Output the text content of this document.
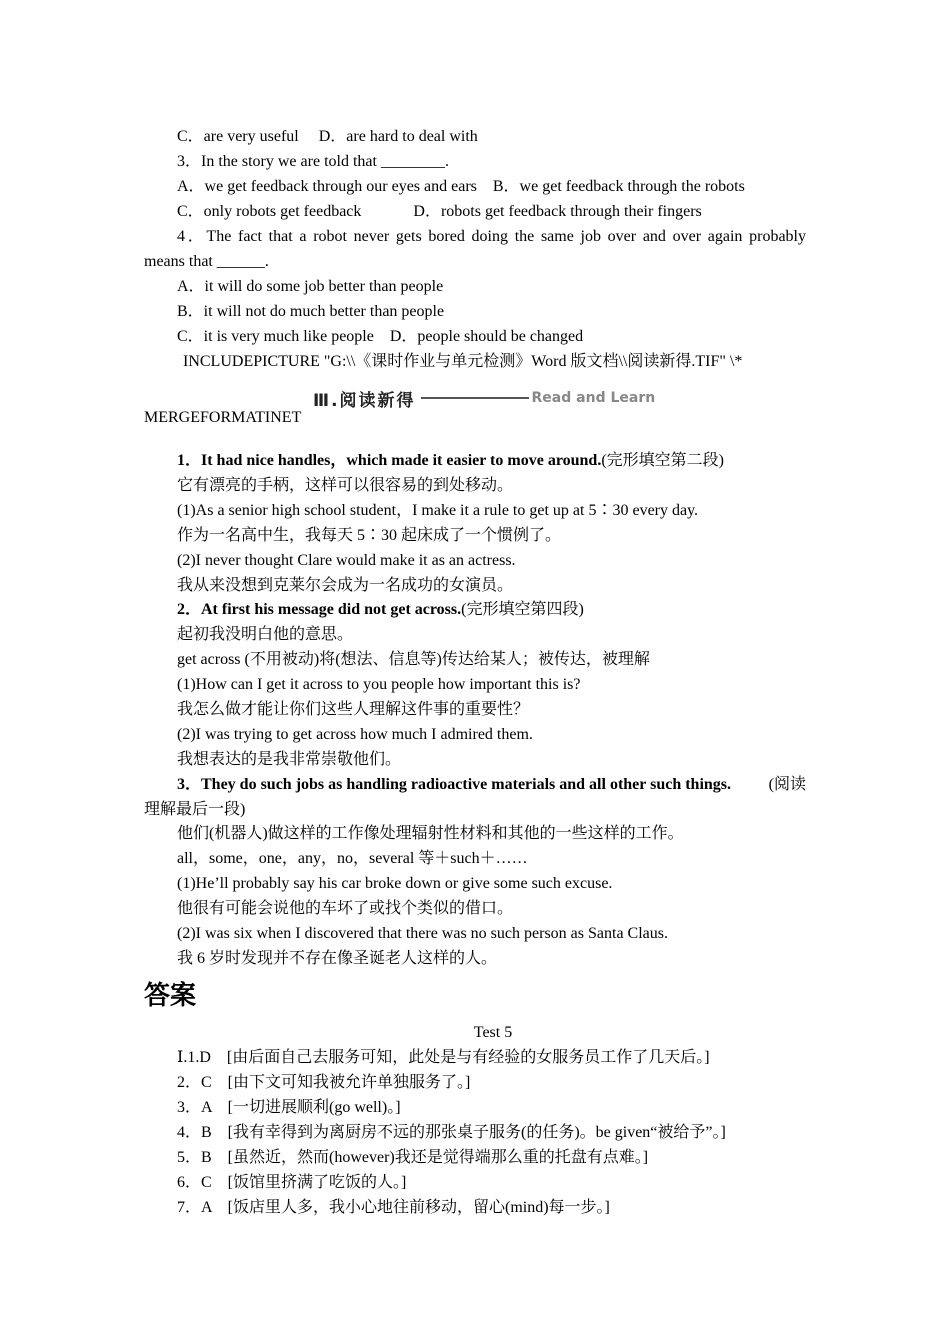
C．are very useful　 D．are hard to deal with
3．In the story we are told that ________.
A．we get feedback through our eyes and ears　B．we get feedback through the robots
C．only robots get feedback　　　 D．robots get feedback through their fingers
4．The fact that a robot never gets bored doing the same job over and over again probably
means that ______.
A．it will do some job better than people
B．it will not do much better than people
C．it is very much like people　D．people should be changed
INCLUDEPICTURE "G:\\《课时作业与单元检测》Word 版文档\\阅读新得.TIF" \*
Ⅲ.阅读新得	Read and Learn
MERGEFORMATINET
1．It had nice handles，which made it easier to move around.(完形填空第二段)
它有漂亮的手柄，这样可以很容易的到处移动。
(1)As a senior high school student，I make it a rule to get up at 5∶30 every day.
作为一名高中生，我每天 5∶30 起床成了一个惯例了。
(2)I never thought Clare would make it as an actress.
我从来没想到克莱尔会成为一名成功的女演员。
2．At first his message did not get across.(完形填空第四段)
起初我没明白他的意思。
get across (不用被动)将(想法、信息等)传达给某人；被传达，被理解
(1)How can I get it across to you people how important this is?
我怎么做才能让你们这些人理解这件事的重要性？
(2)I was trying to get across how much I admired them.
我想表达的是我非常崇敬他们。
3．They do such jobs as handling radioactive materials and all other such things. (阅读
理解最后一段)
他们(机器人)做这样的工作像处理辐射性材料和其他的一些这样的工作。
all，some，one，any，no，several 等＋such＋……
(1)He’ll probably say his car broke down or give some such excuse.
他很有可能会说他的车坏了或找个类似的借口。
(2)I was six when I discovered that there was no such person as Santa Claus.
我 6 岁时发现并不存在像圣诞老人这样的人。
答案
Test 5
Ⅰ.1.D　[由后面自己去服务可知，此处是与有经验的女服务员工作了几天后。]
2．C　[由下文可知我被允许单独服务了。]
3．A　[一切进展顺利(go well)。]
4．B　[我有幸得到为离厨房不远的那张桌子服务(的任务)。be given“被给予”。]
5．B　[虽然近，然而(however)我还是觉得端那么重的托盘有点难。]
6．C　[饭馆里挤满了吃饭的人。]
7．A　[饭店里人多，我小心地往前移动，留心(mind)每一步。]
